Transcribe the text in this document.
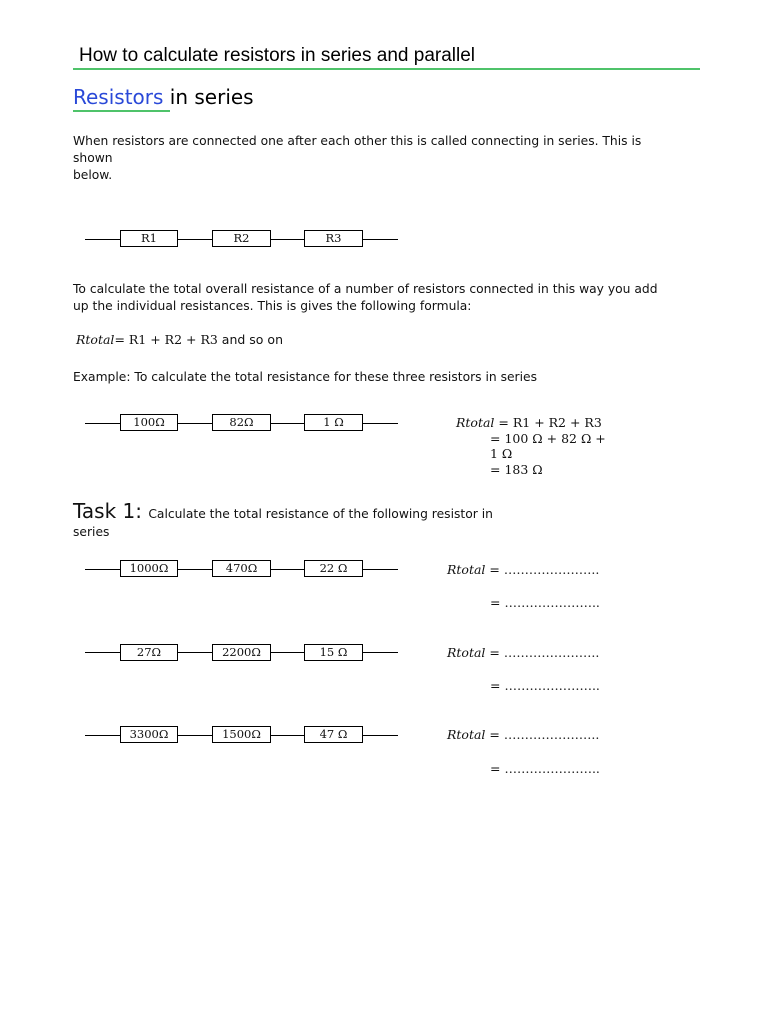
How to calculate resistors in series and parallel
Resistors in series
When resistors are connected one after each other this is called connecting in series. This is shown
below.
R1	R2	R3
To calculate the total overall resistance of a number of resistors connected in this way you add
up the individual resistances. This is gives the following formula:
Rtotal= R1 + R2 + R3 and so on
Example: To calculate the total resistance for these three resistors in series
100Ω	82Ω	1 Ω	Rtotal = R1 + R2 + R3
= 100 Ω + 82 Ω +
1 Ω
= 183 Ω
Task 1: Calculate the total resistance of the following resistor in
series
1000Ω	470Ω	22 Ω	Rtotal = …………………..
= …………………..
27Ω	2200Ω	15 Ω	Rtotal = …………………..
= …………………..
3300Ω	1500Ω	47 Ω	Rtotal = …………………..
= …………………..
